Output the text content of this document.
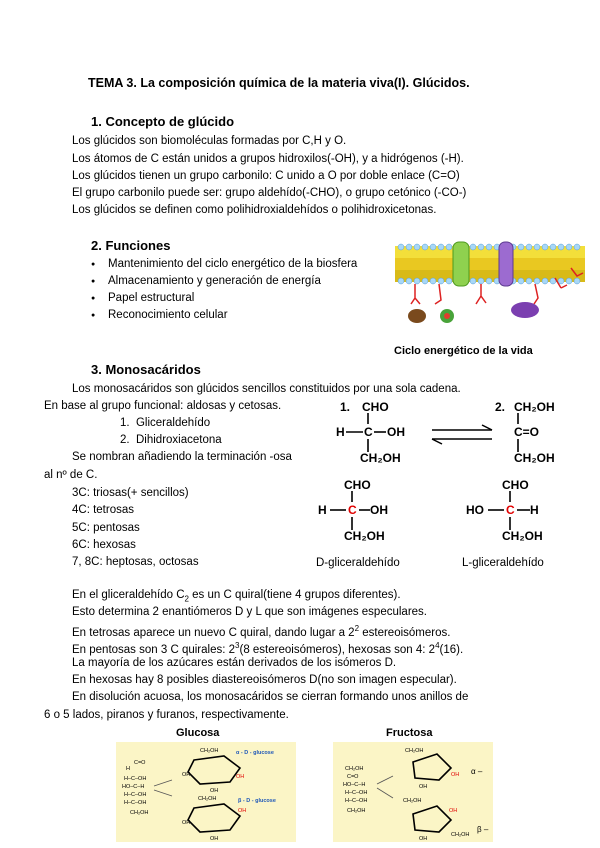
TEMA 3. La composición química de la materia viva(I). Glúcidos.
1. Concepto de glúcido
Los glúcidos son biomoléculas formadas por C,H y O.
Los átomos de C están unidos a grupos hidroxilos(-OH), y a hidrógenos (-H).
Los glúcidos tienen un grupo carbonilo: C unido a O por doble enlace (C=O)
El grupo carbonilo puede ser: grupo aldehído(-CHO), o grupo cetónico (-CO-)
Los glúcidos se definen como polihidroxialdehídos o polihidroxicetonas.
2. Funciones
● Mantenimiento del ciclo energético de la biosfera
● Almacenamiento y generación de energía
● Papel estructural
● Reconocimiento celular
Ciclo energético de la vida
3. Monosacáridos
Los monosacáridos son glúcidos sencillos constituidos por una sola cadena.
En base al grupo funcional: aldosas y cetosas.
1.  Gliceraldehído
2.  Dihidroxiacetona
Se nombran añadiendo la terminación -osa
al nº de C.
3C: triosas(+ sencillos)
4C: tetrosas
5C: pentosas
6C: hexosas
7, 8C: heptosas, octosas
1. CHO
H C OH
CH₂OH
2. CH₂OH
C=O
CH₂OH
CHO
H C OH
CH₂OH
D-gliceraldehído
CHO
HO C H
CH₂OH
L-gliceraldehído
En el gliceraldehído $C_2$ es un C quiral(tiene 4 grupos diferentes).
Esto determina 2 enantiómeros D y L que son imágenes especulares.
En tetrosas aparece un nuevo C quiral, dando lugar a $2^2$ estereoisómeros.
En pentosas son 3 C quirales: $2^3(8$ estereoisómeros), hexosas son 4: $2^4(16)$.
La mayoría de los azúcares están derivados de los isómeros D.
En hexosas hay 8 posibles diastereoisómeros D(no son imagen especular).
En disolución acuosa, los monosacáridos se cierran formando unos anillos de
6 o 5 lados, piranos y furanos, respectivamente.
Glucosa	Fructosa
H
C=O
H–C–OH
HO–C–H
H–C–OH
H–C–OH
CH₂OH
CH₂OH
CH₂OH
OH
OH
OH
OH
OH
OH
α - D - glucose
β - D - glucose
CH₂OH
C=O
HO–C–H
H–C–OH
H–C–OH
CH₂OH
CH₂OH
CH₂OH
OH
OH
CH₂OH
OH
OH
α –
β –
